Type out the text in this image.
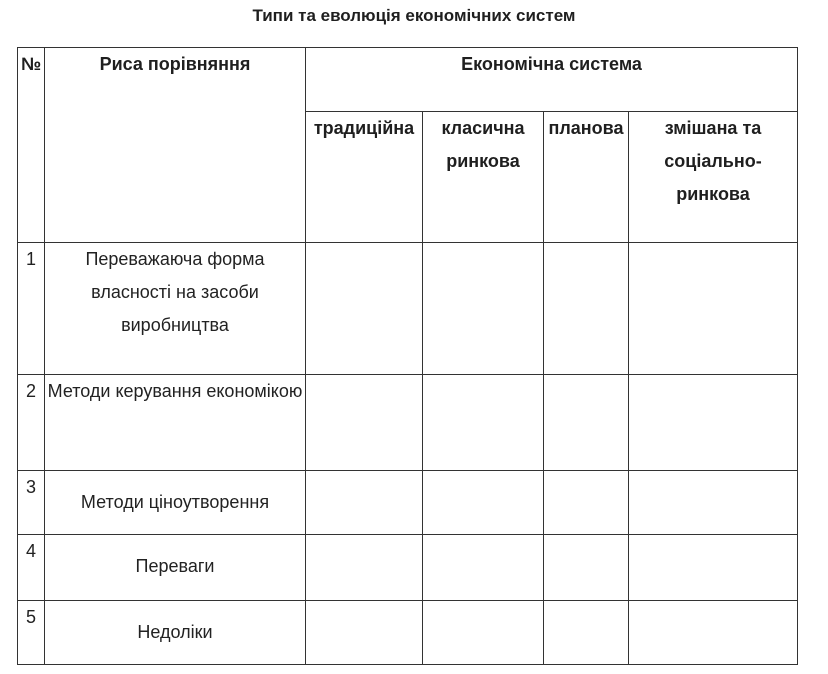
Типи та еволюція економічних систем
№	Риса порівняння	Економічна система			
		традиційна	класична ринкова	планова	змішана та соціально-ринкова
1	Переважаюча форма власності на засоби виробництва				
2	Методи керування економікою				
3	Методи ціноутворення				
4	Переваги				
5	Недоліки				
